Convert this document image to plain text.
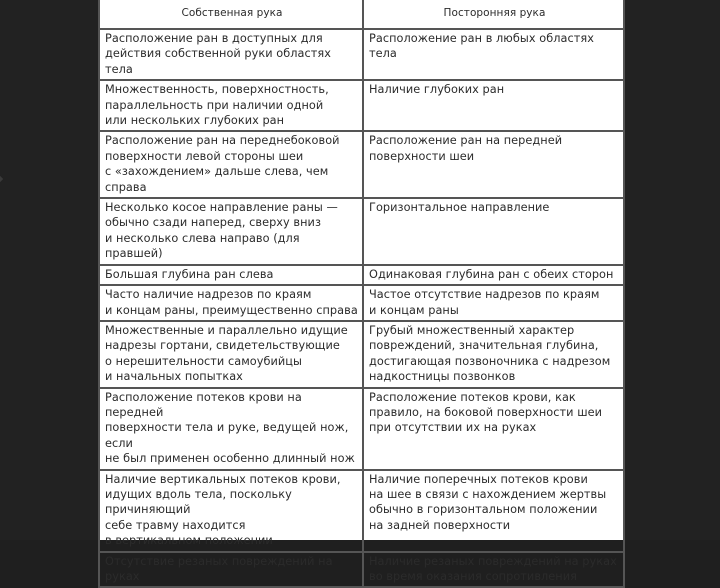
Собственная рука	Посторонняя рука

Расположение ран в доступных для
действия собственной руки областях тела	Расположение ран в любых областях
тела

Множественность, поверхностность,
параллельность при наличии одной
или нескольких глубоких ран	Наличие глубоких ран

Расположение ран на переднебоковой
поверхности левой стороны шеи
с «захождением» дальше слева, чем справа	Расположение ран на передней
поверхности шеи

Несколько косое направление раны —
обычно сзади наперед, сверху вниз
и несколько слева направо (для правшей)	Горизонтальное направление

Большая глубина ран слева	Одинаковая глубина ран с обеих сторон

Часто наличие надрезов по краям
и концам раны, преимущественно справа	Частое отсутствие надрезов по краям
и концам раны

Множественные и параллельно идущие
надрезы гортани, свидетельствующие
о нерешительности самоубийцы
и начальных попытках	Грубый множественный характер
повреждений, значительная глубина,
достигающая позвоночника с надрезом
надкостницы позвонков

Расположение потеков крови на передней
поверхности тела и руке, ведущей нож, если
не был применен особенно длинный нож	Расположение потеков крови, как
правило, на боковой поверхности шеи
при отсутствии их на руках

Наличие вертикальных потеков крови,
идущих вдоль тела, поскольку причиняющий
себе травму находится
в вертикальном положении	Наличие поперечных потеков крови
на шее в связи с нахождением жертвы
обычно в горизонтальном положении
на задней поверхности

Отсутствие резаных повреждений на руках	Наличие резаных повреждений на руках
во время оказания сопротивления
